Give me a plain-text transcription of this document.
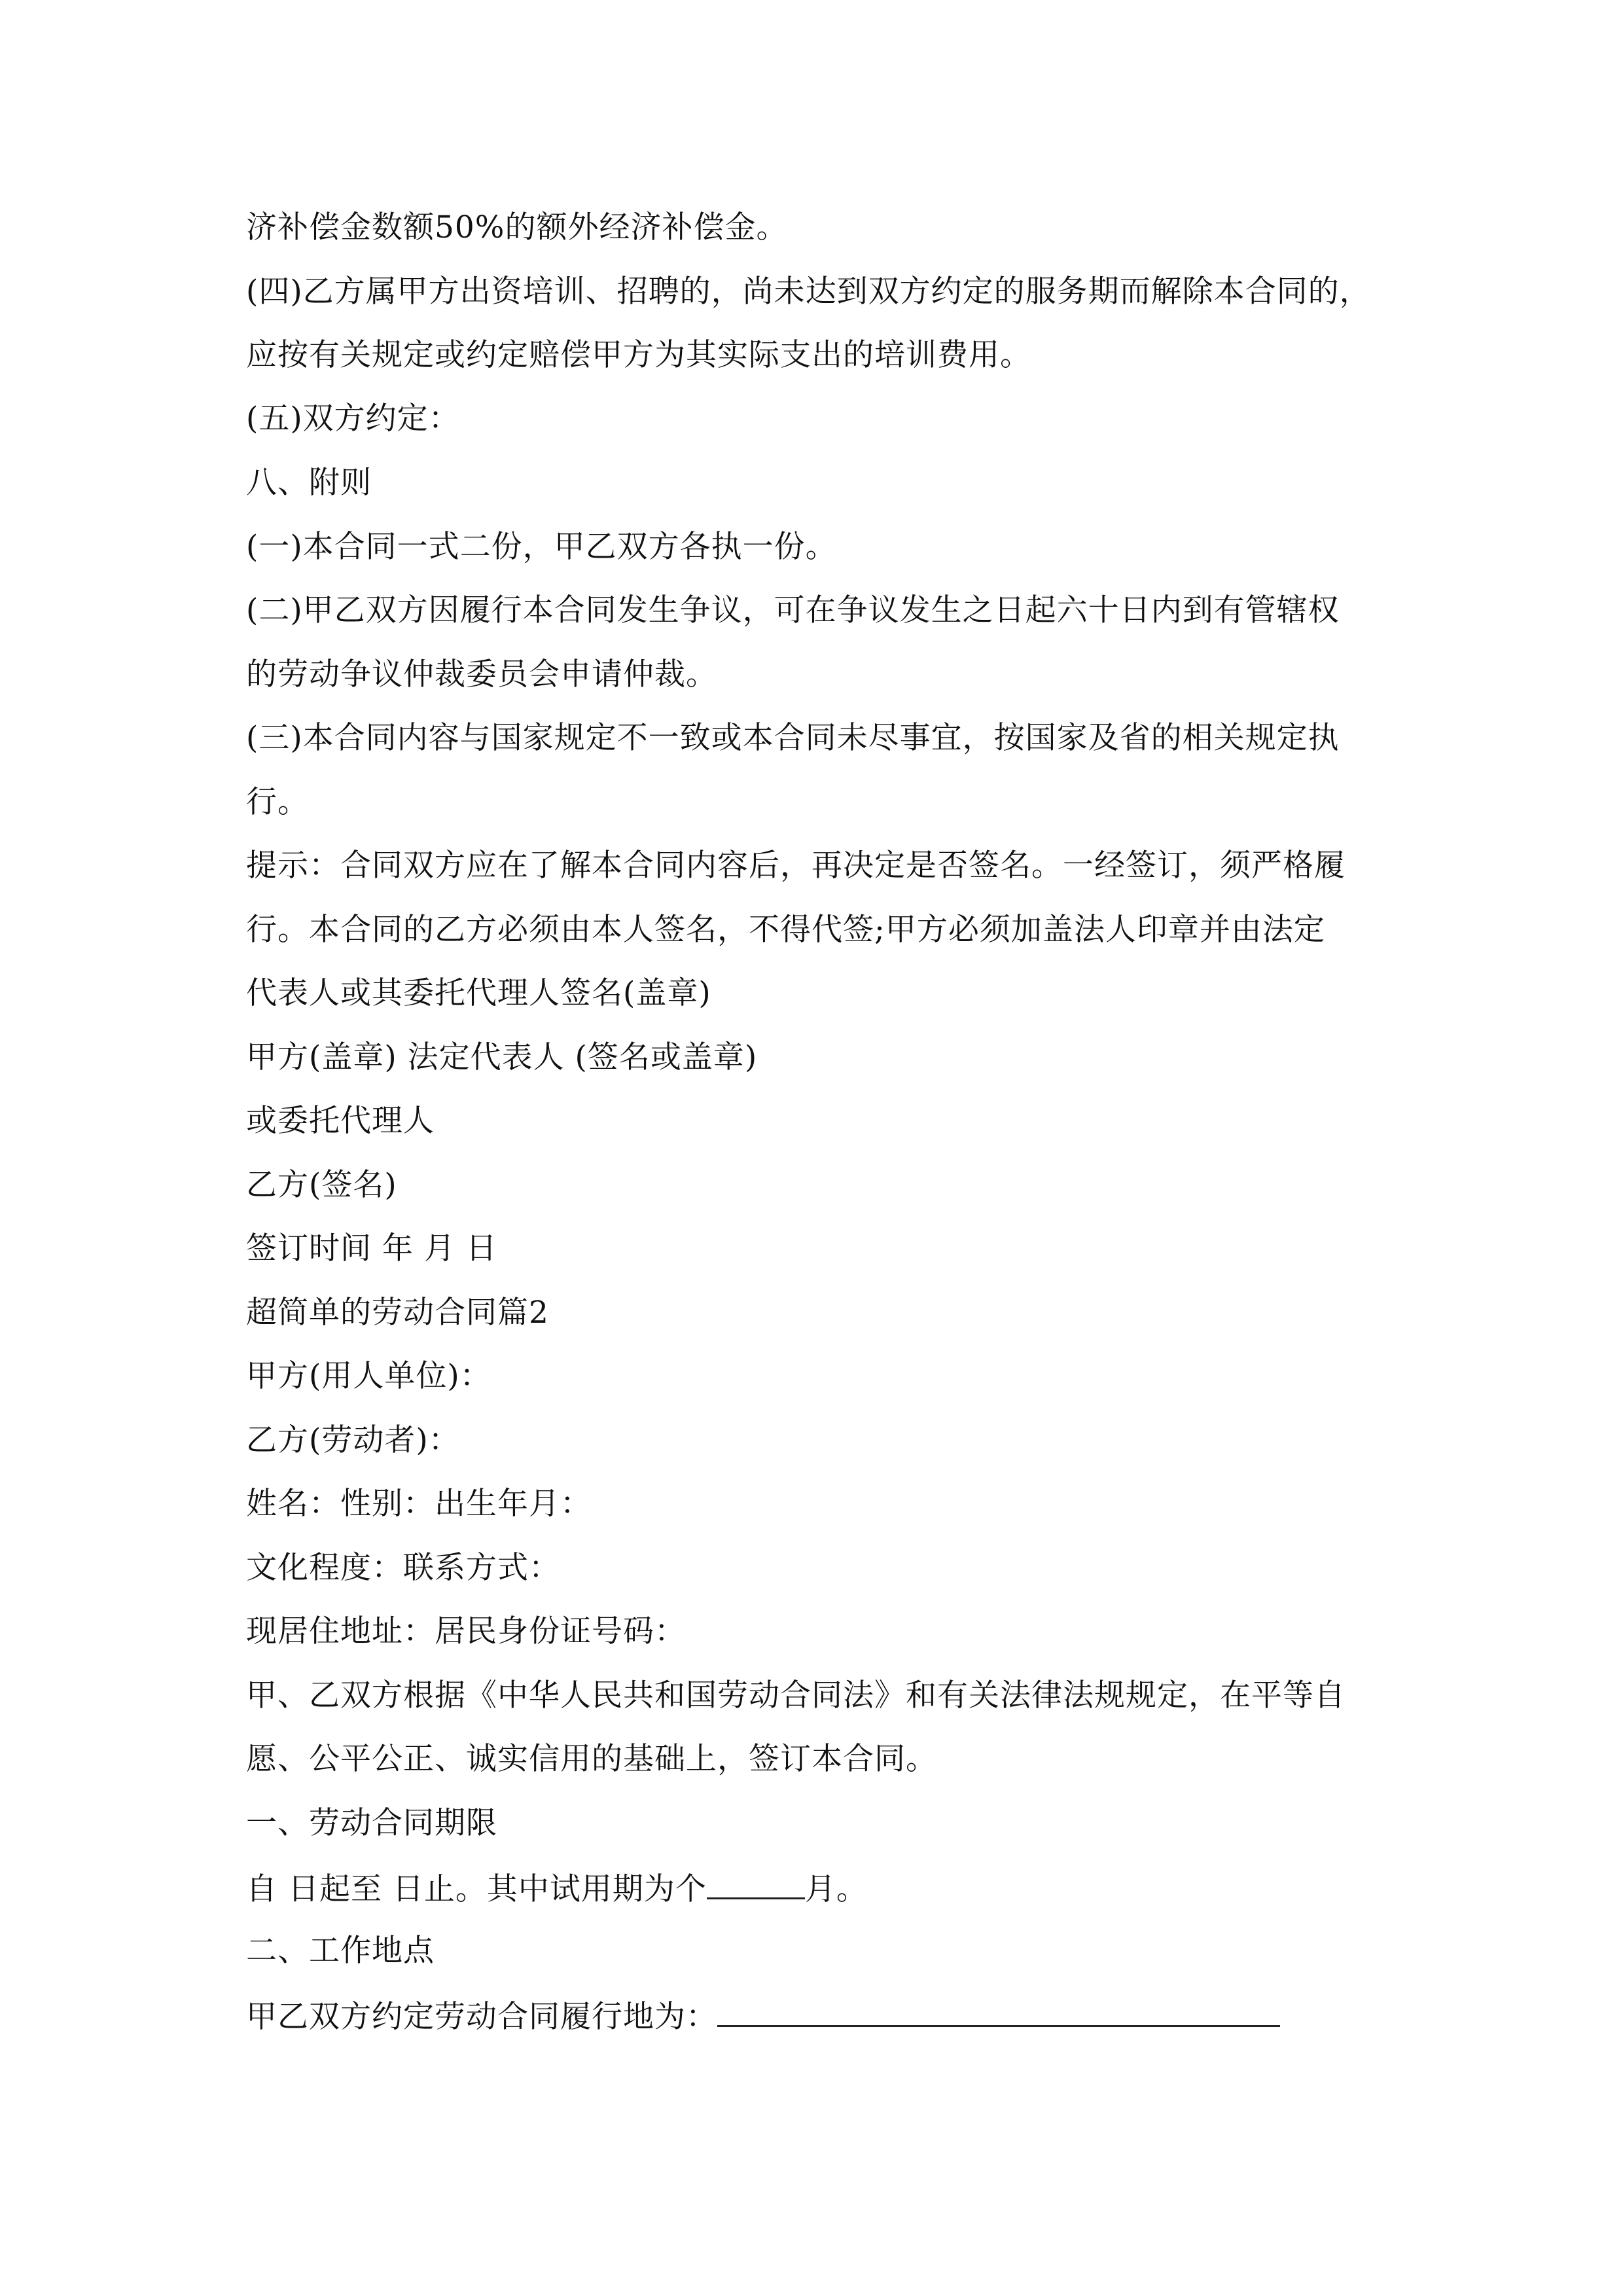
济补偿金数额50%的额外经济补偿金。
(四)乙方属甲方出资培训、招聘的，尚未达到双方约定的服务期而解除本合同的，
应按有关规定或约定赔偿甲方为其实际支出的培训费用。
(五)双方约定：
八、附则
(一)本合同一式二份，甲乙双方各执一份。
(二)甲乙双方因履行本合同发生争议，可在争议发生之日起六十日内到有管辖权
的劳动争议仲裁委员会申请仲裁。
(三)本合同内容与国家规定不一致或本合同未尽事宜，按国家及省的相关规定执
行。
提示：合同双方应在了解本合同内容后，再决定是否签名。一经签订，须严格履
行。本合同的乙方必须由本人签名，不得代签;甲方必须加盖法人印章并由法定
代表人或其委托代理人签名(盖章)
甲方(盖章) 法定代表人 (签名或盖章)
或委托代理人
乙方(签名)
签订时间 年 月 日
超简单的劳动合同篇2
甲方(用人单位)：
乙方(劳动者)：
姓名：性别：出生年月：
文化程度：联系方式：
现居住地址：居民身份证号码：
甲、乙双方根据《中华人民共和国劳动合同法》和有关法律法规规定，在平等自
愿、公平公正、诚实信用的基础上，签订本合同。
一、劳动合同期限
自 日起至 日止。其中试用期为个	月。
二、工作地点
甲乙双方约定劳动合同履行地为：
